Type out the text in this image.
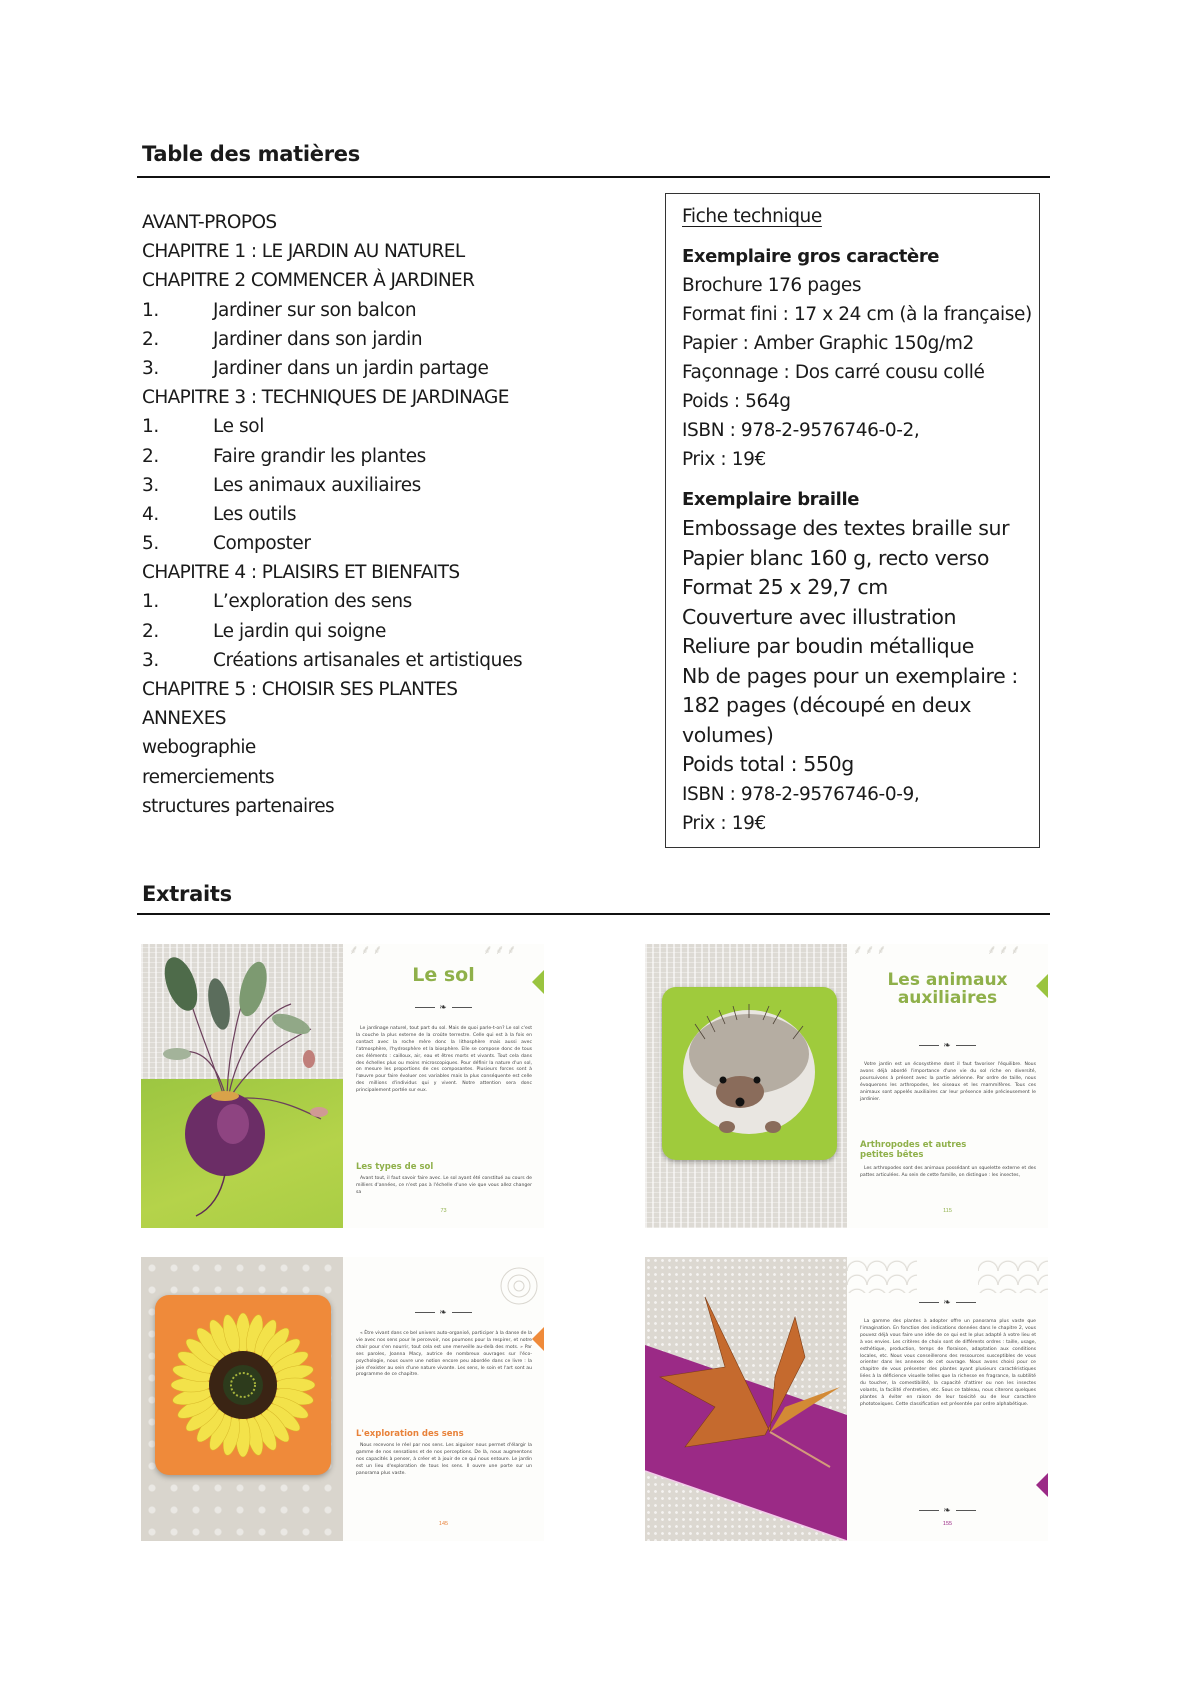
Table des matières
AVANT-PROPOS
CHAPITRE 1 : LE JARDIN AU NATUREL
CHAPITRE 2 COMMENCER À JARDINER
1.	Jardiner sur son balcon
2.	Jardiner dans son jardin
3.	Jardiner dans un jardin partage
CHAPITRE 3 : TECHNIQUES DE JARDINAGE
1.	Le sol
2.	Faire grandir les plantes
3.	Les animaux auxiliaires
4.	Les outils
5.	Composter
CHAPITRE 4 : PLAISIRS ET BIENFAITS
1.	L’exploration des sens
2.	Le jardin qui soigne
3.	Créations artisanales et artistiques
CHAPITRE 5 : CHOISIR SES PLANTES
ANNEXES
webographie
remerciements
structures partenaires
Fiche technique
Exemplaire gros caractère
Brochure 176 pages
Format fini : 17 x 24 cm (à la française)
Papier : Amber Graphic 150g/m2
Façonnage : Dos carré cousu collé
Poids : 564g
ISBN : 978-2-9576746-0-2,
Prix : 19€
Exemplaire braille
Embossage des textes braille sur
Papier blanc 160 g, recto verso
Format 25 x 29,7 cm
Couverture avec illustration
Reliure par boudin métallique
Nb de pages pour un exemplaire :
182 pages (découpé en deux
volumes)
Poids total : 550g
ISBN : 978-2-9576746-0-9,
Prix : 19€
Extraits
⸙⸙⸙	⸙⸙⸙
Le sol
❧

Le jardinage naturel, tout part du sol. Mais de quoi parle-t-on? Le sol c'est la couche la plus externe de la croûte terrestre. Celle qui est à la fois en contact avec la roche mère donc la lithosphère mais aussi avec l'atmosphère, l'hydrosphère et la biosphère. Elle se compose donc de tous ces éléments : cailloux, air, eau et êtres morts et vivants. Tout cela dans des échelles plus ou moins microscopiques. Pour définir la nature d'un sol, on mesure les proportions de ces composantes. Plusieurs forces sont à l'œuvre pour faire évoluer ces variables mais la plus conséquente est celle des millions d'individus qui y vivent. Notre attention sera donc principalement portée sur eux.

Les types de sol

Avant tout, il faut savoir faire avec. Le sol ayant été constitué au cours de milliers d'années, ce n'est pas à l'échelle d'une vie que vous allez changer sa

73
⸙⸙⸙	⸙⸙⸙
Les animaux auxiliaires
❧

Votre jardin est un écosystème dont il faut favoriser l'équilibre. Nous avons déjà abordé l'importance d'une vie du sol riche en diversité, poursuivons à présent avec la partie aérienne. Par ordre de taille, nous évoquerons les arthropodes, les oiseaux et les mammifères. Tous ces animaux sont appelés auxiliaires car leur présence aide précieusement le jardinier.

Arthropodes et autres petites bêtes

Les arthropodes sont des animaux possédant un squelette externe et des pattes articulées. Au sein de cette famille, on distingue : les insectes,

115
❧

« Être vivant dans ce bel univers auto-organisé, participer à la danse de la vie avec nos sens pour le percevoir, nos poumons pour la respirer, et notre chair pour s'en nourrir, tout cela est une merveille au-delà des mots. » Par ses paroles, Joanna Macy, autrice de nombreux ouvrages sur l'éco-psychologie, nous ouvre une notion encore peu abordée dans ce livre : la joie d'exister au sein d'une nature vivante. Les sens, le soin et l'art sont au programme de ce chapitre.

L'exploration des sens

Nous recevons le réel par nos sens. Les aiguiser nous permet d'élargir la gamme de nos sensations et de nos perceptions. De là, nous augmentons nos capacités à penser, à créer et à jouir de ce qui nous entoure. Le jardin est un lieu d'exploration de tous les sens. Il ouvre une porte sur un panorama plus vaste.

145
❧

La gamme des plantes à adopter offre un panorama plus vaste que l'imagination. En fonction des indications données dans le chapitre 2, vous pouvez déjà vous faire une idée de ce qui est le plus adapté à votre lieu et à vos envies. Les critères de choix sont de différents ordres : taille, usage, esthétique, production, temps de floraison, adaptation aux conditions locales, etc. Nous vous conseillerons des ressources susceptibles de vous orienter dans les annexes de cet ouvrage. Nous avons choisi pour ce chapitre de vous présenter des plantes ayant plusieurs caractéristiques liées à la déficience visuelle telles que la richesse en fragrance, la subtilité du toucher, la comestibilité, la capacité d'attirer ou non les insectes volants, la facilité d'entretien, etc. Sous ce tableau, nous citerons quelques plantes à éviter en raison de leur toxicité ou de leur caractère phototoxiques. Cette classification est présentée par ordre alphabétique.

❧
155
